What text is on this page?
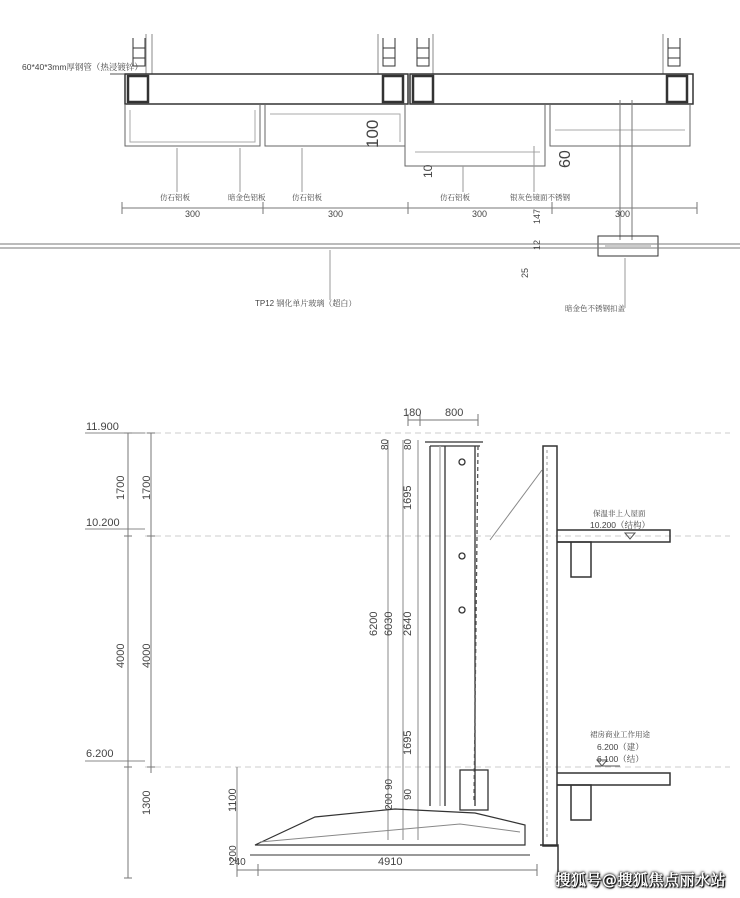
60*40*3mm厚钢管（热浸镀锌）
100
60
10
仿石铝板	暗金色铝板	仿石铝板	仿石铝板	银灰色镜面不锈钢
300	300	300	300
147
12
25
TP12 钢化单片玻璃（超白）
暗金色不锈钢扣盖
11.900
10.200
6.200
180 800
1700
4000
1300
1700
4000
80 80
6200 6030
1695
2640
1695
200
90
90
1100
200
240	4910
保温非上人屋面
10.200（结构）
裙房商业工作用途
6.200（建）
6.100（结）
搜狐号@搜狐焦点丽水站
